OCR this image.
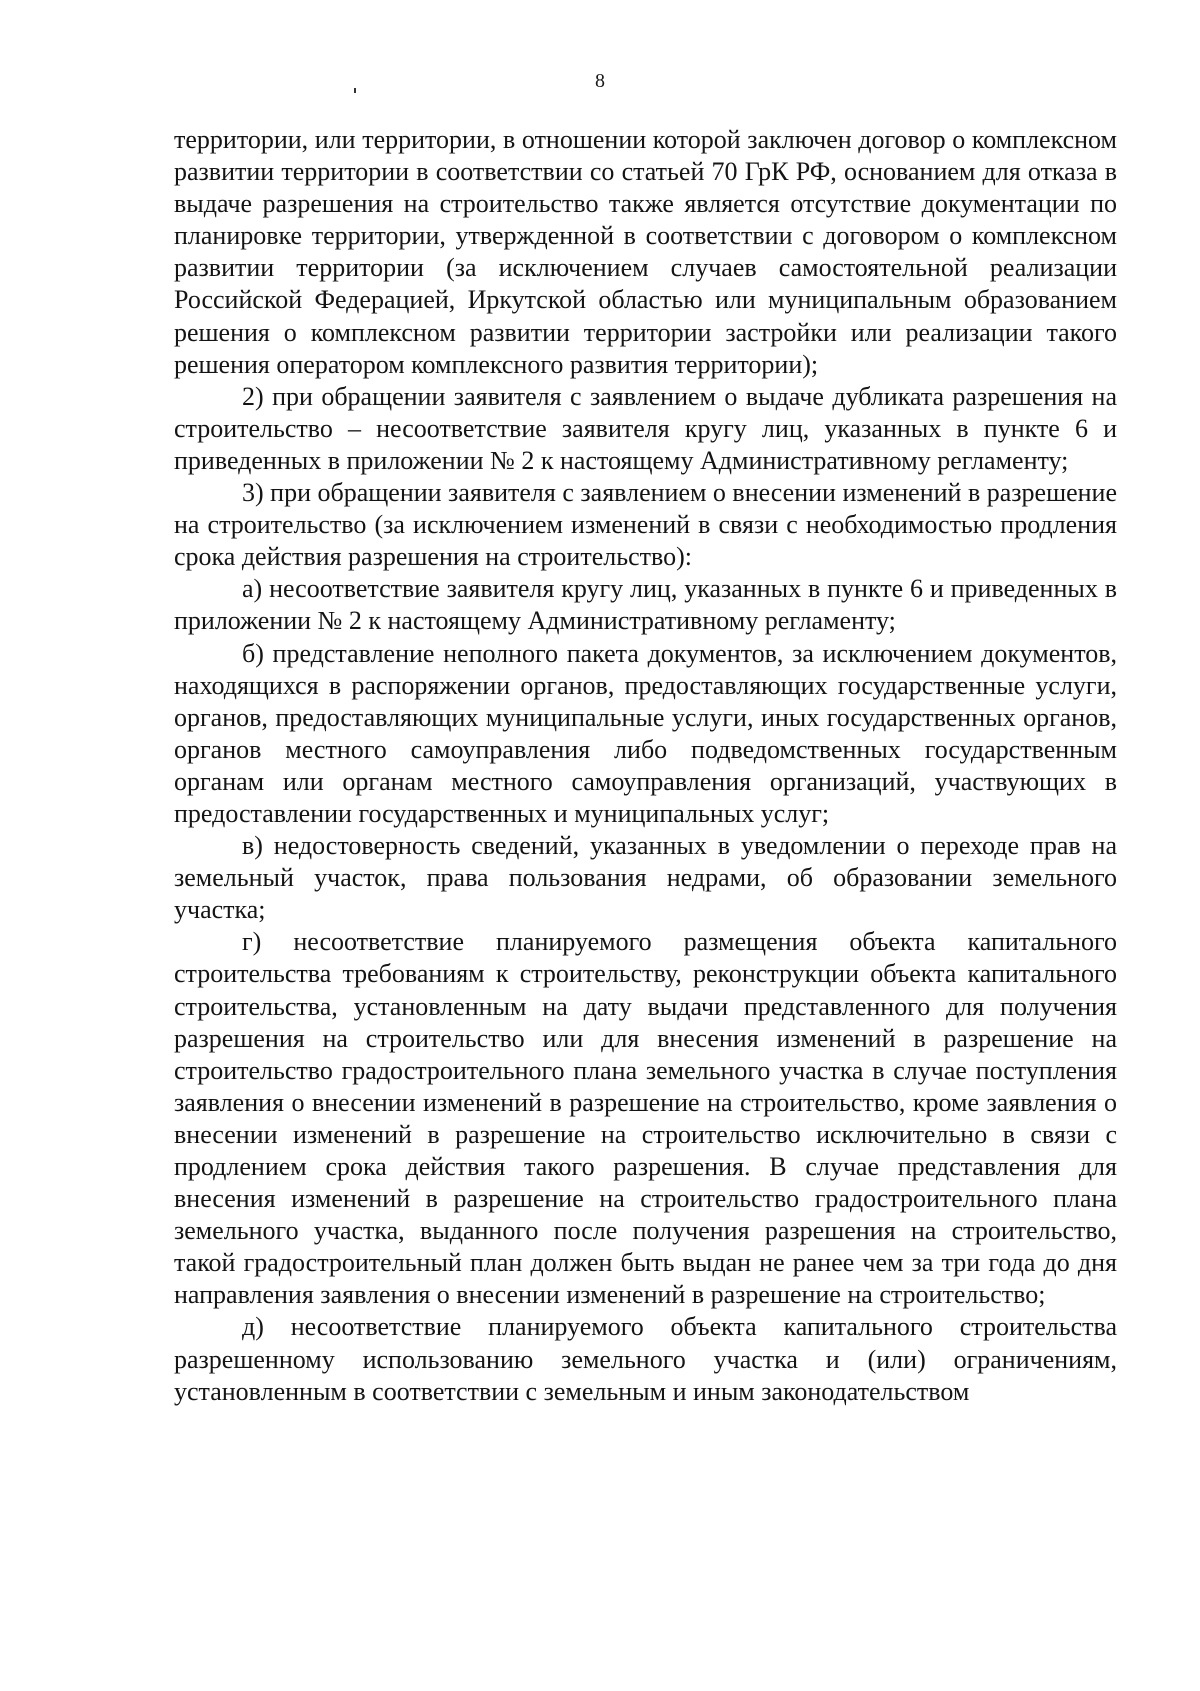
8

территории, или территории, в отношении которой заключен договор о комплексном развитии территории в соответствии со статьей 70 ГрК РФ, основанием для отказа в выдаче разрешения на строительство также является отсутствие документации по планировке территории, утвержденной в соответствии с договором о комплексном развитии территории (за исключением случаев самостоятельной реализации Российской Федерацией, Иркутской областью или муниципальным образованием решения о комплексном развитии территории застройки или реализации такого решения оператором комплексного развития территории);

2) при обращении заявителя с заявлением о выдаче дубликата разрешения на строительство – несоответствие заявителя кругу лиц, указанных в пункте 6 и приведенных в приложении № 2 к настоящему Административному регламенту;

3) при обращении заявителя с заявлением о внесении изменений в разрешение на строительство (за исключением изменений в связи с необходимостью продления срока действия разрешения на строительство):

а) несоответствие заявителя кругу лиц, указанных в пункте 6 и приведенных в приложении № 2 к настоящему Административному регламенту;

б) представление неполного пакета документов, за исключением документов, находящихся в распоряжении органов, предоставляющих государственные услуги, органов, предоставляющих муниципальные услуги, иных государственных органов, органов местного самоуправления либо подведомственных государственным органам или органам местного самоуправления организаций, участвующих в предоставлении государственных и муниципальных услуг;

в) недостоверность сведений, указанных в уведомлении о переходе прав на земельный участок, права пользования недрами, об образовании земельного участка;

г) несоответствие планируемого размещения объекта капитального строительства требованиям к строительству, реконструкции объекта капитального строительства, установленным на дату выдачи представленного для получения разрешения на строительство или для внесения изменений в разрешение на строительство градостроительного плана земельного участка в случае поступления заявления о внесении изменений в разрешение на строительство, кроме заявления о внесении изменений в разрешение на строительство исключительно в связи с продлением срока действия такого разрешения. В случае представления для внесения изменений в разрешение на строительство градостроительного плана земельного участка, выданного после получения разрешения на строительство, такой градостроительный план должен быть выдан не ранее чем за три года до дня направления заявления о внесении изменений в разрешение на строительство;

д) несоответствие планируемого объекта капитального строительства разрешенному использованию земельного участка и (или) ограничениям, установленным в соответствии с земельным и иным законодательством
